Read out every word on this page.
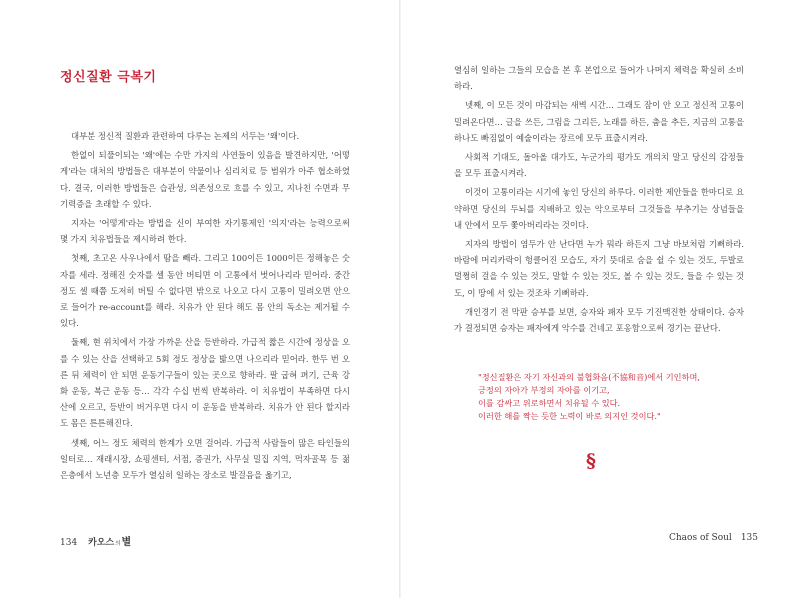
정신질환 극복기

대부분 정신적 질환과 관련하여 다루는 논제의 서두는 '왜'이다.

한없이 되풀이되는 '왜'에는 수만 가지의 사연들이 있음을 발견하지만, '어떻게'라는 대처의 방법들은 대부분이 약물이나 심리치료 등 범위가 아주 협소하였다. 결국, 이러한 방법들은 습관성, 의존성으로 흐를 수 있고, 지나친 수면과 무기력증을 초래할 수 있다.

지자는 '어떻게'라는 방법을 신이 부여한 자기통제인 '의지'라는 능력으로써 몇 가지 치유법들을 제시하려 한다.

첫째, 초고온 사우나에서 땀을 빼라. 그리고 100이든 1000이든 정해놓은 숫자를 세라. 정해진 숫자를 셀 동안 버티면 이 고통에서 벗어나리라 믿어라. 중간 정도 셀 때쯤 도저히 버틸 수 없다면 밖으로 나오고 다시 고통이 밀려오면 안으로 들어가 re-account를 해라. 치유가 안 된다 해도 몸 안의 독소는 제거될 수 있다.

둘째, 현 위치에서 가장 가까운 산을 등반하라. 가급적 짧은 시간에 정상을 오를 수 있는 산을 선택하고 5회 정도 정상을 밟으면 나으리라 믿어라. 한두 번 오른 뒤 체력이 안 되면 운동기구들이 있는 곳으로 향하라. 팔 굽혀 펴기, 근육 강화 운동, 복근 운동 등… 각각 수십 번씩 반복하라. 이 치유법이 부족하면 다시 산에 오르고, 등반이 버거우면 다시 이 운동을 반복하라. 치유가 안 된다 할지라도 몸은 튼튼해진다.

셋째, 어느 정도 체력의 한계가 오면 걸어라. 가급적 사람들이 많은 타인들의 일터로… 재래시장, 쇼핑센터, 서점, 증권가, 사무실 밀집 지역, 먹자골목 등 젊은층에서 노년층 모두가 열심히 일하는 장소로 발걸음을 옮기고,

134 카오스의별

열심히 일하는 그들의 모습을 본 후 본업으로 들어가 나머지 체력을 확실히 소비하라.

넷째, 이 모든 것이 마감되는 새벽 시간… 그래도 잠이 안 오고 정신적 고통이 밀려온다면… 글을 쓰든, 그림을 그리든, 노래를 하든, 춤을 추든, 지금의 고통을 하나도 빠짐없이 예술이라는 장르에 모두 표출시켜라.

사회적 기대도, 돌아올 대가도, 누군가의 평가도 개의치 말고 당신의 감정들을 모두 표출시켜라.

이것이 고통이라는 시기에 놓인 당신의 하루다. 이러한 제안들을 한마디로 요약하면 당신의 두뇌를 지배하고 있는 악으로부터 그것들을 부추기는 상념들을 내 안에서 모두 쫓아버리라는 것이다.

지자의 방법이 염두가 안 난다면 누가 뭐라 하든지 그냥 바보처럼 기뻐하라. 바람에 머리카락이 헝클어진 모습도, 자기 뜻대로 숨을 쉴 수 있는 것도, 두발로 멀쩡히 걸을 수 있는 것도, 말할 수 있는 것도, 볼 수 있는 것도, 들을 수 있는 것도, 이 땅에 서 있는 것조차 기뻐하라.

개인경기 전 막판 승부를 보면, 승자와 패자 모두 기진맥진한 상태이다. 승자가 결정되면 승자는 패자에게 악수를 건네고 포옹함으로써 경기는 끝난다.

"정신질환은 자기 자신과의 불협화음(不協和音)에서 기인하며,
긍정의 자아가 부정의 자아를 이기고,
이를 감싸고 위로하면서 치유될 수 있다.
이러한 해를 짝는 듯한 노력이 바로 의지인 것이다."
§
Chaos of Soul 135
